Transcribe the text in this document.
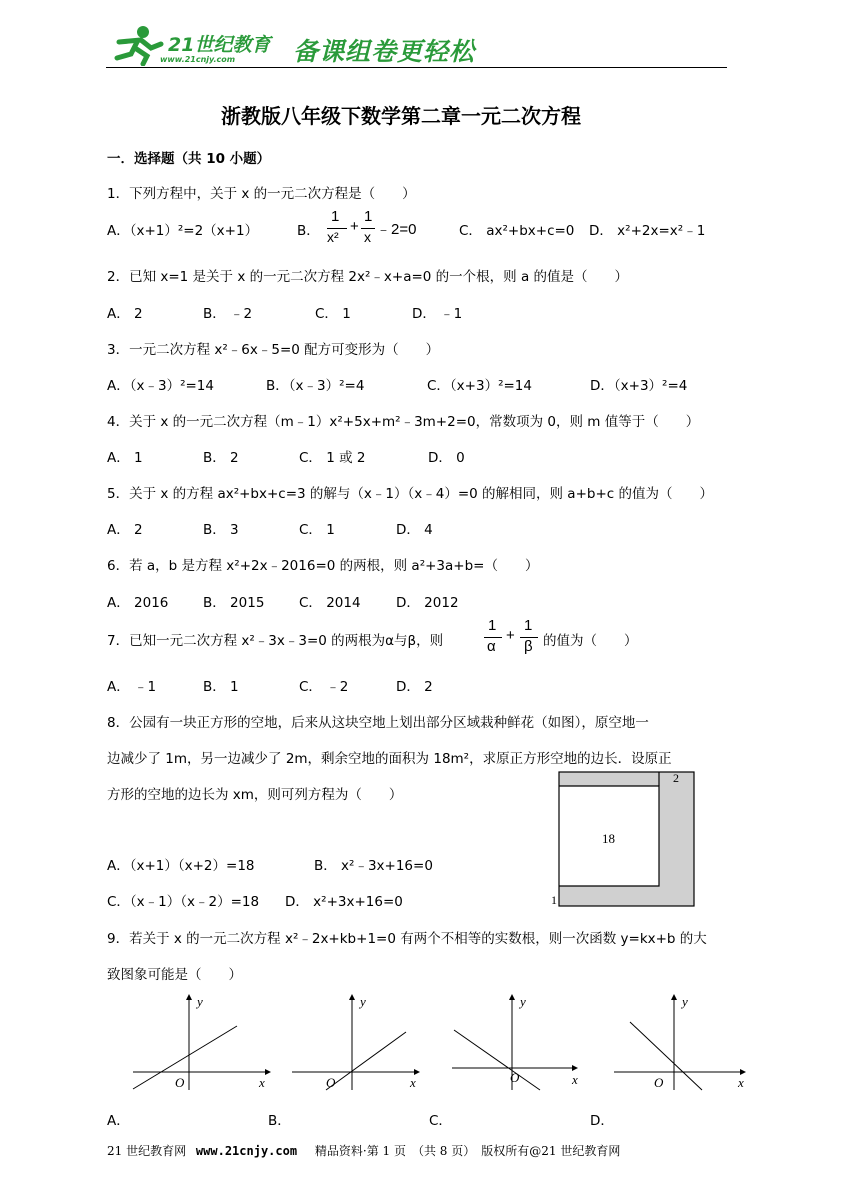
21世纪教育
www.21cnjy.com 备课组卷更轻松
浙教版八年级下数学第二章一元二次方程
一．选择题（共 10 小题）
1．下列方程中，关于 x 的一元二次方程是（　　）
A．（x+1）²=2（x+1）	B．
1
x²
+
1
x ﹣2=0	C． ax²+bx+c=0 D． x²+2x=x²﹣1
2．已知 x=1 是关于 x 的一元二次方程 2x²﹣x+a=0 的一个根，则 a 的值是（　　）
A． 2	B． ﹣2	C． 1	D． ﹣1
3．一元二次方程 x²﹣6x﹣5=0 配方可变形为（　　）
A．（x﹣3）²=14	B．（x﹣3）²=4	C．（x+3）²=14	D．（x+3）²=4
4．关于 x 的一元二次方程（m﹣1）x²+5x+m²﹣3m+2=0，常数项为 0，则 m 值等于（　　）
A． 1	B． 2	C． 1 或 2	D． 0
5．关于 x 的方程 ax²+bx+c=3 的解与（x﹣1）（x﹣4）=0 的解相同，则 a+b+c 的值为（　　）
A． 2	B． 3	C． 1	D． 4
6．若 a，b 是方程 x²+2x﹣2016=0 的两根，则 a²+3a+b=（　　）
A． 2016	B． 2015	C． 2014	D． 2012
7．已知一元二次方程 x²﹣3x﹣3=0 的两根为α与β，则
1
α
+
1
β 的值为（　　）
A． ﹣1	B． 1	C． ﹣2	D． 2
8．公园有一块正方形的空地，后来从这块空地上划出部分区域栽种鲜花（如图），原空地一
边减少了 1m，另一边减少了 2m，剩余空地的面积为 18m²，求原正方形空地的边长．设原正
方形的空地的边长为 xm，则可列方程为（　　）
A．（x+1）（x+2）=18	B． x²﹣3x+16=0
C．（x﹣1）（x﹣2）=18 D． x²+3x+16=0
18
2
1
9．若关于 x 的一元二次方程 x²﹣2x+kb+1=0 有两个不相等的实数根，则一次函数 y=kx+b 的大
致图象可能是（　　）
A．	B．	C．	D．
x
y
O	x
y
O	x
y
O	x
y
O
21 世纪教育网 www.21cnjy.com 精品资料·第 1 页　（共 8 页）　版权所有@21 世纪教育网
